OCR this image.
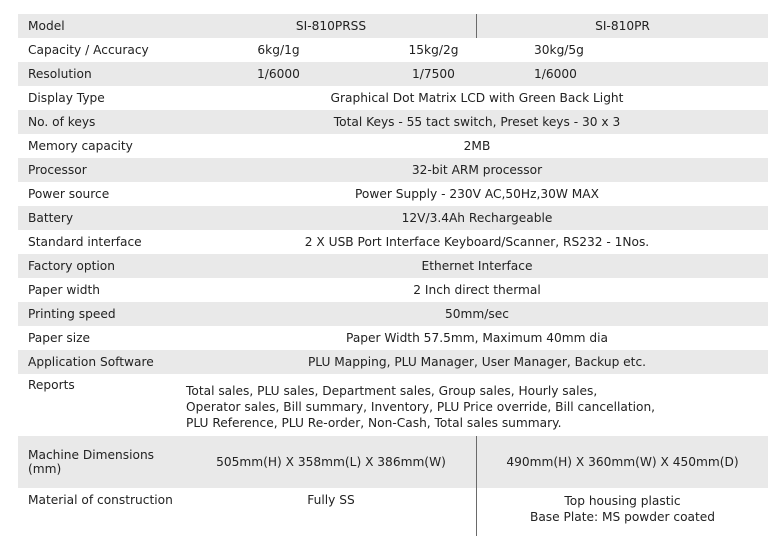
Model	SI-810PRSS	SI-810PR
Capacity / Accuracy	6kg/1g	15kg/2g	30kg/5g
Resolution	1/6000	1/7500	1/6000
Display Type	Graphical Dot Matrix LCD with Green Back Light
No. of keys	Total Keys - 55 tact switch, Preset keys - 30 x 3
Memory capacity	2MB
Processor	32-bit ARM processor
Power source	Power Supply - 230V AC,50Hz,30W MAX
Battery	12V/3.4Ah Rechargeable
Standard interface	2 X USB Port Interface Keyboard/Scanner, RS232 - 1Nos.
Factory option	Ethernet Interface
Paper width	2 Inch direct thermal
Printing speed	50mm/sec
Paper size	Paper Width 57.5mm, Maximum 40mm dia
Application Software	PLU Mapping, PLU Manager, User Manager, Backup etc.
Reports	Total sales, PLU sales, Department sales, Group sales, Hourly sales,
Operator sales, Bill summary, Inventory, PLU Price override, Bill cancellation,
PLU Reference, PLU Re-order, Non-Cash, Total sales summary.
Machine Dimensions (mm)	505mm(H) X 358mm(L) X 386mm(W)	490mm(H) X 360mm(W) X 450mm(D)
Material of construction	Fully SS	Top housing plastic
Base Plate: MS powder coated
